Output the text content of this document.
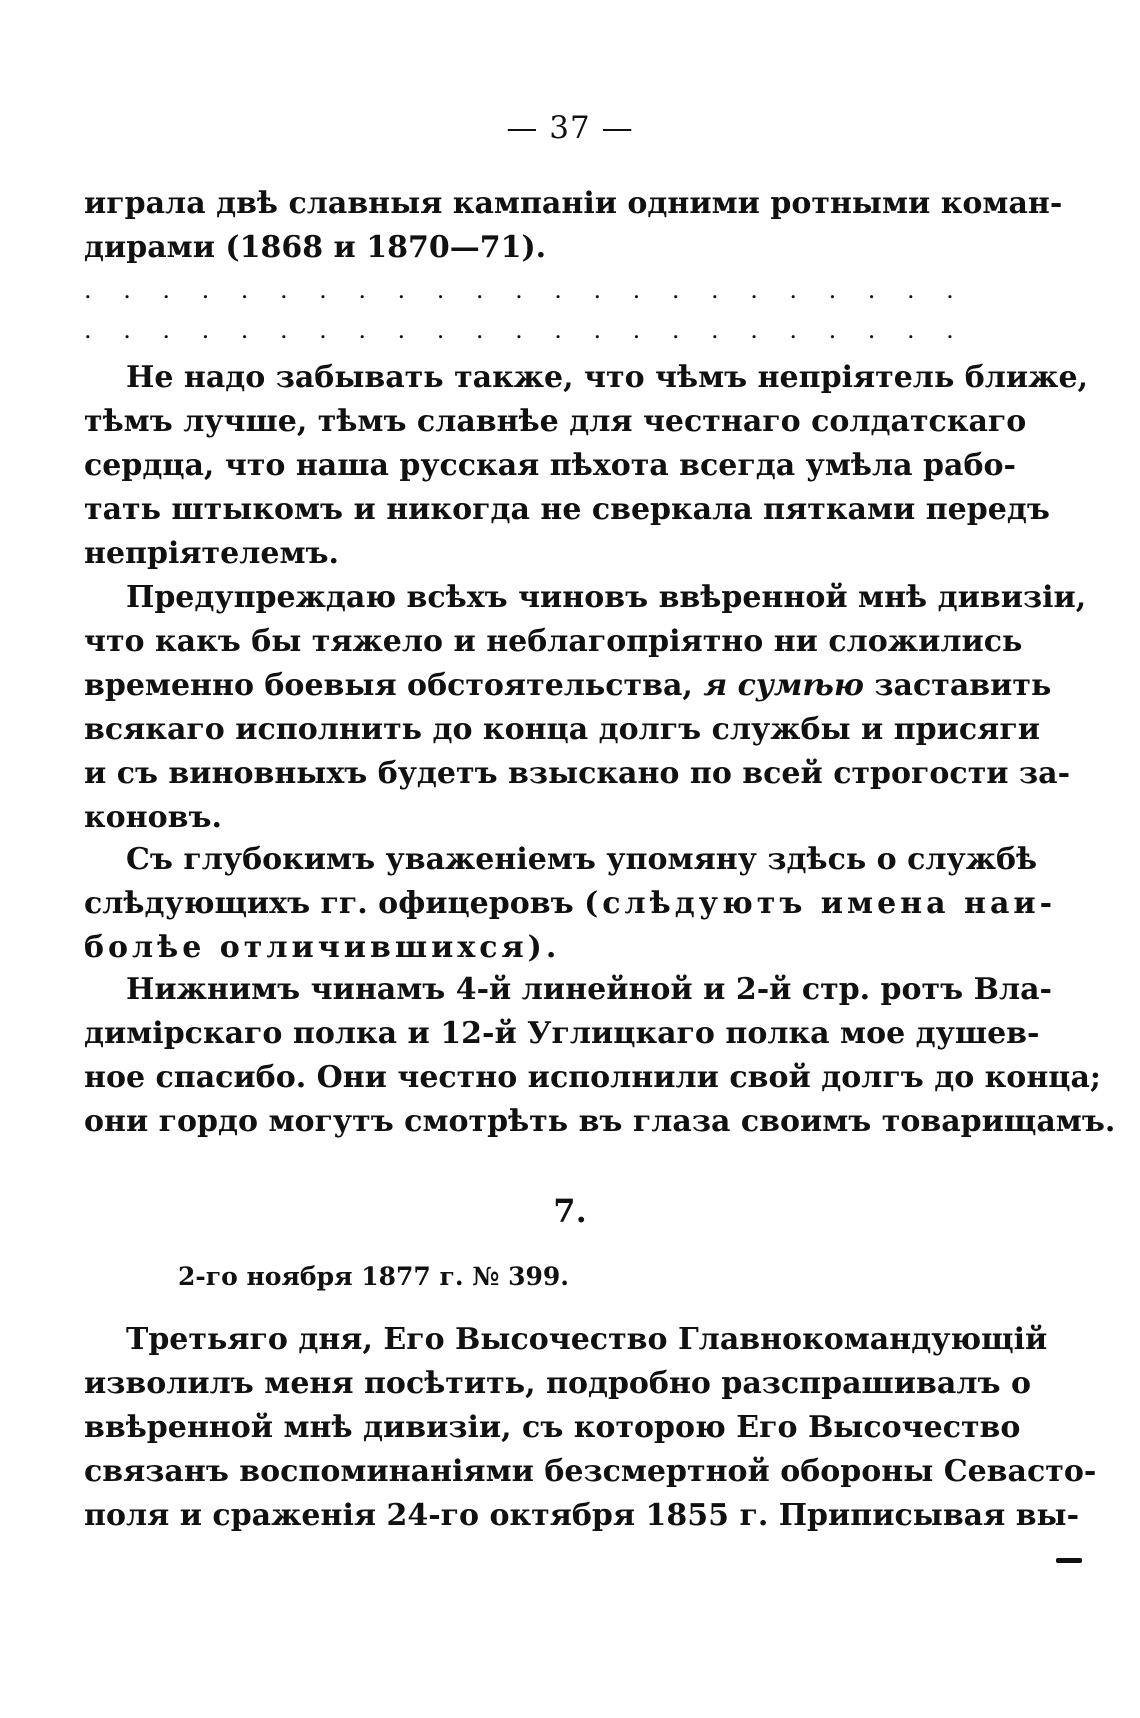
— 37 —
играла двѣ славныя кампаніи одними ротными коман-
дирами (1868 и 1870—71).
. . . . . . . . . . . . . . . . . . . . . . .
. . . . . . . . . . . . . . . . . . . . . . .
Не надо забывать также, что чѣмъ непріятель ближе,
тѣмъ лучше, тѣмъ славнѣе для честнаго солдатскаго
сердца, что наша русская пѣхота всегда умѣла рабо-
тать штыкомъ и никогда не сверкала пятками передъ
непріятелемъ.
Предупреждаю всѣхъ чиновъ ввѣренной мнѣ дивизіи,
что какъ бы тяжело и неблагопріятно ни сложились
временно боевыя обстоятельства, я сумѣю заставить
всякаго исполнить до конца долгъ службы и присяги
и съ виновныхъ будетъ взыскано по всей строгости за-
коновъ.
Съ глубокимъ уваженіемъ упомяну здѣсь о службѣ
слѣдующихъ гг. офицеровъ (слѣдуютъ имена наи-
болѣе отличившихся).
Нижнимъ чинамъ 4-й линейной и 2-й стр. ротъ Вла-
димірскаго полка и 12-й Углицкаго полка мое душев-
ное спасибо. Они честно исполнили свой долгъ до конца;
они гордо могутъ смотрѣть въ глаза своимъ товарищамъ.
7.
2-го ноября 1877 г. № 399.
Третьяго дня, Его Высочество Главнокомандующій
изволилъ меня посѣтить, подробно разспрашивалъ о
ввѣренной мнѣ дивизіи, съ которою Его Высочество
связанъ воспоминаніями безсмертной обороны Севасто-
поля и сраженія 24-го октября 1855 г. Приписывая вы-
